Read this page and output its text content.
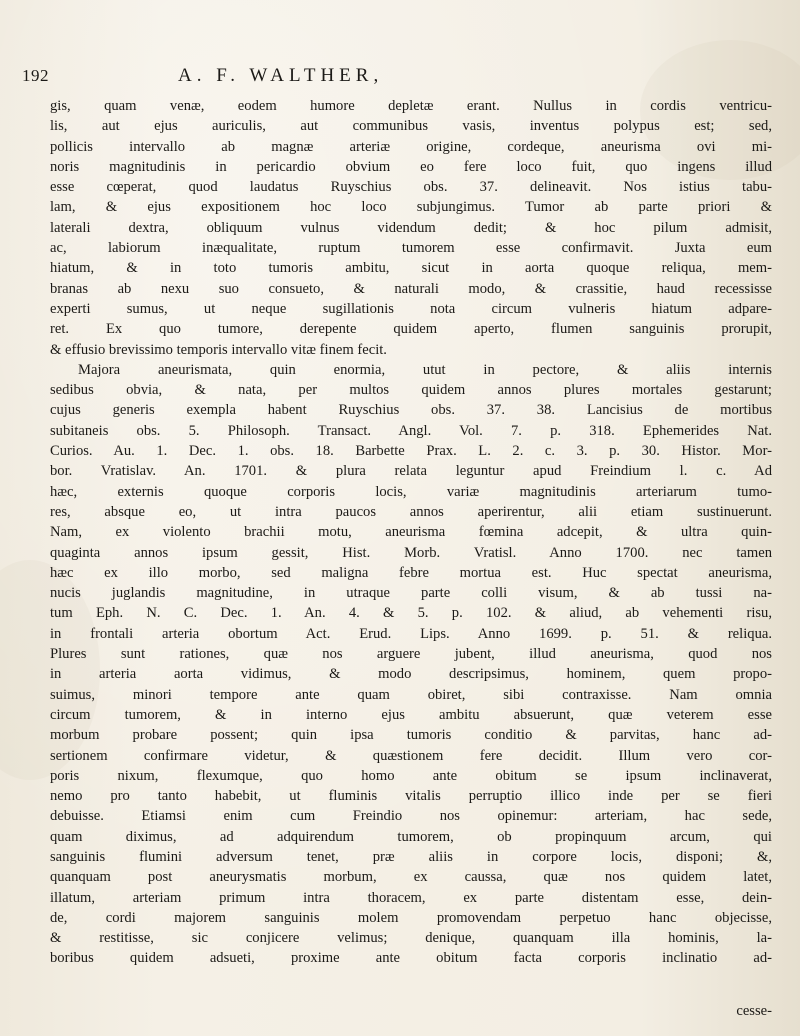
192	A. F. WALTHER,
gis, quam venæ, eodem humore depletæ erant. Nullus in cordis ventricu-
lis, aut ejus auriculis, aut communibus vasis, inventus polypus est; sed,
pollicis intervallo ab magnæ arteriæ origine, cordeque, aneurisma ovi mi-
noris magnitudinis in pericardio obvium eo fere loco fuit, quo ingens illud
esse cœperat, quod laudatus Ruyschius obs. 37. delineavit. Nos istius tabu-
lam, & ejus expositionem hoc loco subjungimus. Tumor ab parte priori &
laterali dextra, obliquum vulnus videndum dedit; & hoc pilum admisit,
ac, labiorum inæqualitate, ruptum tumorem esse confirmavit. Juxta eum
hiatum, & in toto tumoris ambitu, sicut in aorta quoque reliqua, mem-
branas ab nexu suo consueto, & naturali modo, & crassitie, haud recessisse
experti sumus, ut neque sugillationis nota circum vulneris hiatum adpare-
ret. Ex quo tumore, derepente quidem aperto, flumen sanguinis prorupit,
& effusio brevissimo temporis intervallo vitæ finem fecit.
Majora aneurismata, quin enormia, utut in pectore, & aliis internis
sedibus obvia, & nata, per multos quidem annos plures mortales gestarunt;
cujus generis exempla habent Ruyschius obs. 37. 38. Lancisius de mortibus
subitaneis obs. 5. Philosoph. Transact. Angl. Vol. 7. p. 318. Ephemerides Nat.
Curios. Au. 1. Dec. 1. obs. 18. Barbette Prax. L. 2. c. 3. p. 30. Histor. Mor-
bor. Vratislav. An. 1701. & plura relata leguntur apud Freindium l. c. Ad
hæc, externis quoque corporis locis, variæ magnitudinis arteriarum tumo-
res, absque eo, ut intra paucos annos aperirentur, alii etiam sustinuerunt.
Nam, ex violento brachii motu, aneurisma fœmina adcepit, & ultra quin-
quaginta annos ipsum gessit, Hist. Morb. Vratisl. Anno 1700. nec tamen
hæc ex illo morbo, sed maligna febre mortua est. Huc spectat aneurisma,
nucis juglandis magnitudine, in utraque parte colli visum, & ab tussi na-
tum Eph. N. C. Dec. 1. An. 4. & 5. p. 102. & aliud, ab vehementi risu,
in frontali arteria obortum Act. Erud. Lips. Anno 1699. p. 51. & reliqua.
Plures sunt rationes, quæ nos arguere jubent, illud aneurisma, quod nos
in arteria aorta vidimus, & modo descripsimus, hominem, quem propo-
suimus, minori tempore ante quam obiret, sibi contraxisse. Nam omnia
circum tumorem, & in interno ejus ambitu absuerunt, quæ veterem esse
morbum probare possent; quin ipsa tumoris conditio & parvitas, hanc ad-
sertionem confirmare videtur, & quæstionem fere decidit. Illum vero cor-
poris nixum, flexumque, quo homo ante obitum se ipsum inclinaverat,
nemo pro tanto habebit, ut fluminis vitalis perruptio illico inde per se fieri
debuisse. Etiamsi enim cum Freindio nos opinemur: arteriam, hac sede,
quam diximus, ad adquirendum tumorem, ob propinquum arcum, qui
sanguinis flumini adversum tenet, præ aliis in corpore locis, disponi; &,
quanquam post aneurysmatis morbum, ex caussa, quæ nos quidem latet,
illatum, arteriam primum intra thoracem, ex parte distentam esse, dein-
de, cordi majorem sanguinis molem promovendam perpetuo hanc objecisse,
& restitisse, sic conjicere velimus; denique, quanquam illa hominis, la-
boribus quidem adsueti, proxime ante obitum facta corporis inclinatio ad-
cesse-
